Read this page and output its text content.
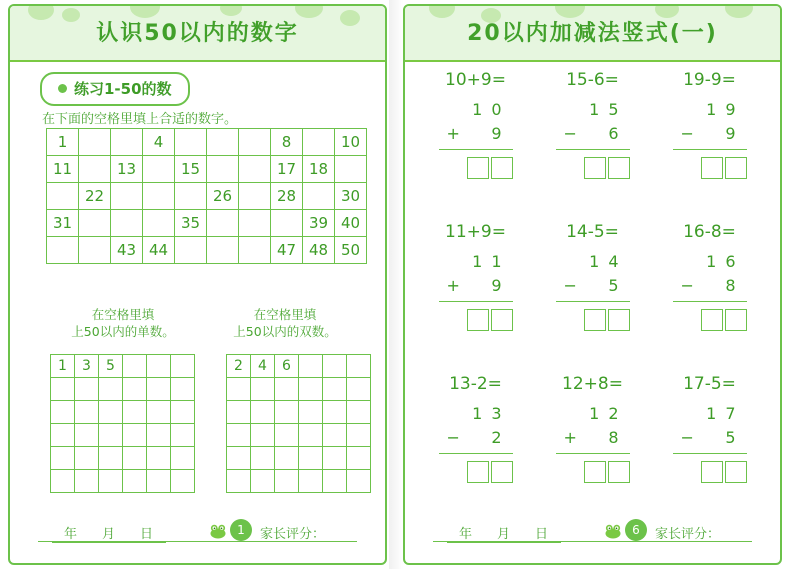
认识50以内的数字
练习1-50的数
在下面的空格里填上合适的数字。
1			4				8		10
11		13		15			17	18	
	22				26		28		30
31				35				39	40
		43	44				47	48	50
在空格里填
上50以内的单数。
在空格里填
上50以内的双数。
1	3	5			

						2	4	6			

年 月 日	1	家长评分：
20以内加减法竖式(一)
10+9=
10
+	9
15-6=
15
−	6
19-9=
19
−	9
11+9=
11
+	9
14-5=
14
−	5
16-8=
16
−	8
13-2=
13
−	2
12+8=
12
+	8
17-5=
17
−	5
年 月 日	6	家长评分：
